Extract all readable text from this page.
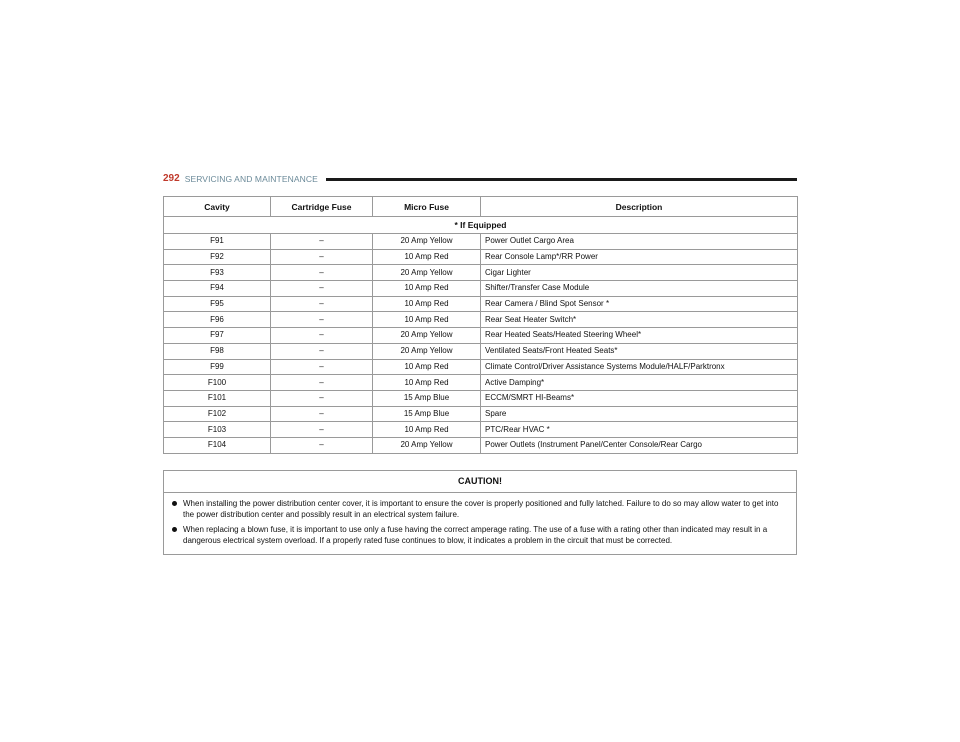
292 SERVICING AND MAINTENANCE
Cavity	Cartridge Fuse	Micro Fuse	Description
* If Equipped			
F91	–	20 Amp Yellow	Power Outlet Cargo Area
F92	–	10 Amp Red	Rear Console Lamp*/RR Power
F93	–	20 Amp Yellow	Cigar Lighter
F94	–	10 Amp Red	Shifter/Transfer Case Module
F95	–	10 Amp Red	Rear Camera / Blind Spot Sensor *
F96	–	10 Amp Red	Rear Seat Heater Switch*
F97	–	20 Amp Yellow	Rear Heated Seats/Heated Steering Wheel*
F98	–	20 Amp Yellow	Ventilated Seats/Front Heated Seats*
F99	–	10 Amp Red	Climate Control/Driver Assistance Systems Module/HALF/Parktronx
F100	–	10 Amp Red	Active Damping*
F101	–	15 Amp Blue	ECCM/SMRT HI-Beams*
F102	–	15 Amp Blue	Spare
F103	–	10 Amp Red	PTC/Rear HVAC *
F104	–	20 Amp Yellow	Power Outlets (Instrument Panel/Center Console/Rear Cargo
CAUTION!
When installing the power distribution center cover, it is important to ensure the cover is properly positioned and fully latched. Failure to do so may allow water to get into the power distribution center and possibly result in an electrical system failure.
When replacing a blown fuse, it is important to use only a fuse having the correct amperage rating. The use of a fuse with a rating other than indicated may result in a dangerous electrical system overload. If a properly rated fuse continues to blow, it indicates a problem in the circuit that must be corrected.
